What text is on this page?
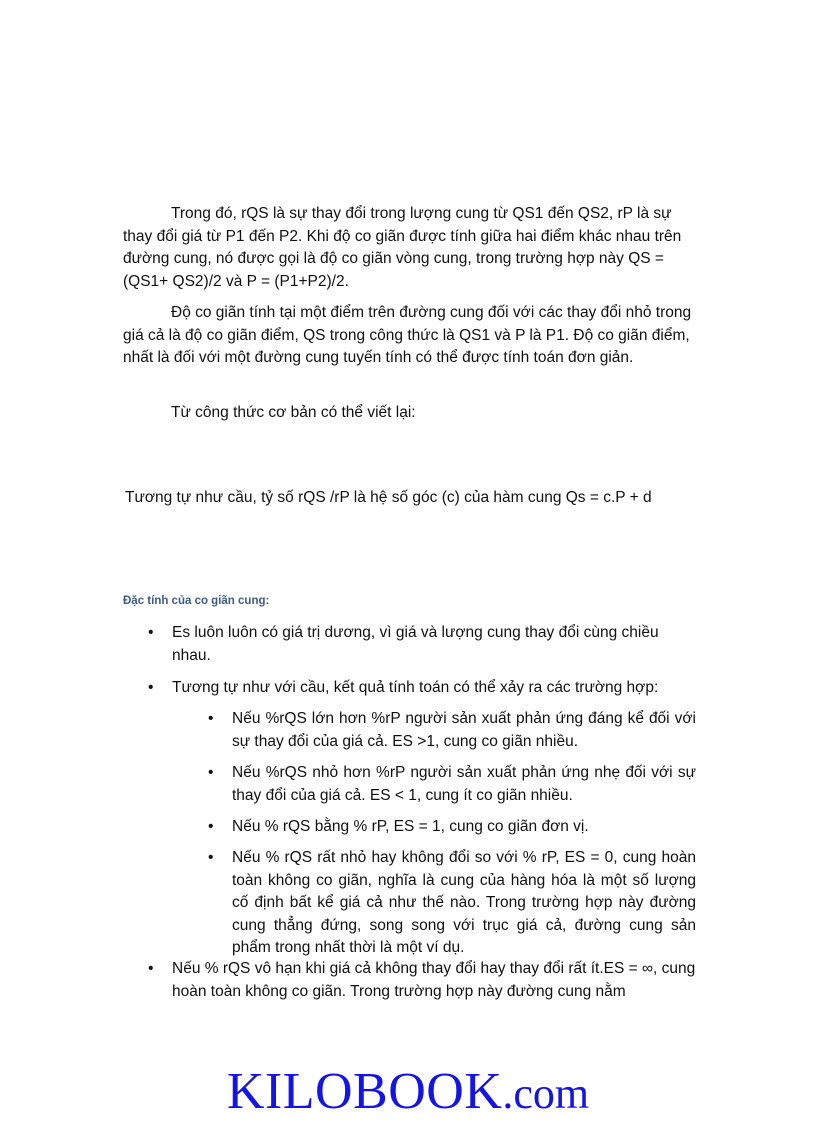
Trong đó, rQS là sự thay đổi trong lượng cung từ QS1 đến QS2, rP là sự thay đổi giá từ P1 đến P2. Khi độ co giãn được tính giữa hai điểm khác nhau trên đường cung, nó được gọi là độ co giãn vòng cung, trong trường hợp này QS = (QS1+ QS2)/2 và P = (P1+P2)/2.

Độ co giãn tính tại một điểm trên đường cung đối với các thay đổi nhỏ trong giá cả là độ co giãn điểm, QS trong công thức là QS1 và P là P1. Độ co giãn điểm, nhất là đối với một đường cung tuyến tính có thể được tính toán đơn giản.

Từ công thức cơ bản có thể viết lại:

Tương tự như cầu, tỷ số rQS /rP là hệ số góc (c) của hàm cung Qs = c.P + d

Đặc tính của co giãn cung:
• Es luôn luôn có giá trị dương, vì giá và lượng cung thay đổi cùng chiều nhau.
• Tương tự như với cầu, kết quả tính toán có thể xảy ra các trường hợp:
• Nếu %rQS lớn hơn %rP người sản xuất phản ứng đáng kể đối với sự thay đổi của giá cả. ES >1, cung co giãn nhiều.
• Nếu %rQS nhỏ hơn %rP người sản xuất phản ứng nhẹ đối với sự thay đổi của giá cả. ES < 1, cung ít co giãn nhiều.
• Nếu % rQS bằng % rP, ES = 1, cung co giãn đơn vị.
• Nếu % rQS rất nhỏ hay không đổi so với % rP, ES = 0, cung hoàn toàn không co giãn, nghĩa là cung của hàng hóa là một số lượng cố định bất kể giá cả như thế nào. Trong trường hợp này đường cung thẳng đứng, song song với trục giá cả, đường cung sản phẩm trong nhất thời là một ví dụ.
• Nếu % rQS vô hạn khi giá cả không thay đổi hay thay đổi rất ít.ES = ∞, cung hoàn toàn không co giãn. Trong trường hợp này đường cung nằm
KILOBOOK.com
